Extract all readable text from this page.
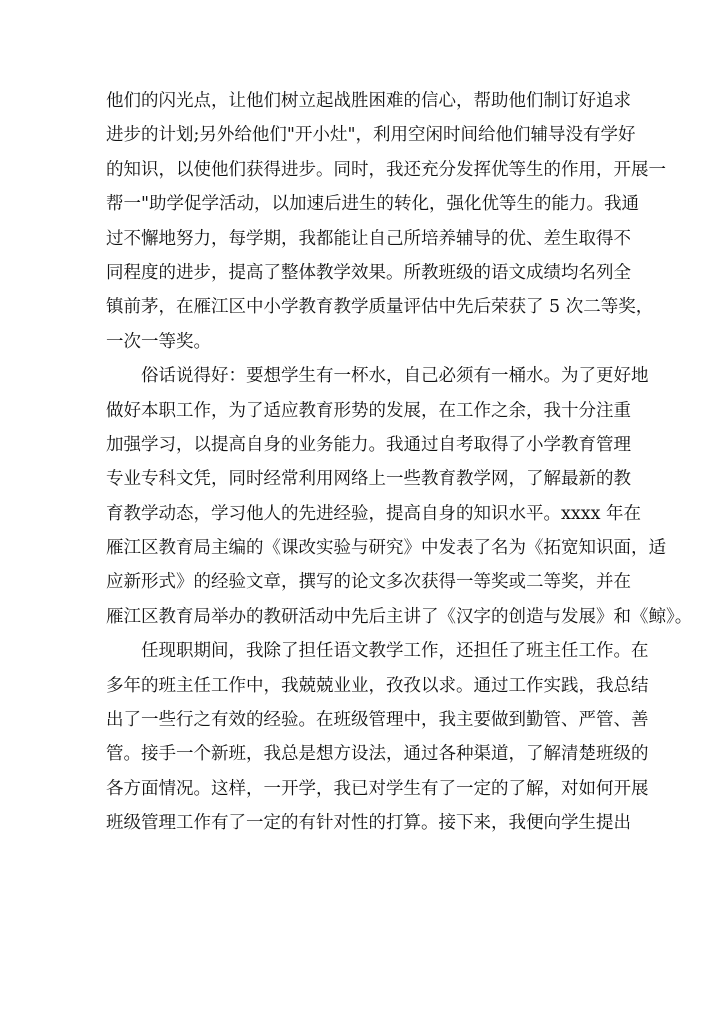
他们的闪光点，让他们树立起战胜困难的信心，帮助他们制订好追求
进步的计划;另外给他们"开小灶"，利用空闲时间给他们辅导没有学好
的知识，以使他们获得进步。同时，我还充分发挥优等生的作用，开展一
帮一"助学促学活动，以加速后进生的转化，强化优等生的能力。我通
过不懈地努力，每学期，我都能让自己所培养辅导的优、差生取得不
同程度的进步，提高了整体教学效果。所教班级的语文成绩均名列全
镇前茅，在雁江区中小学教育教学质量评估中先后荣获了 5 次二等奖，
一次一等奖。
俗话说得好：要想学生有一杯水，自己必须有一桶水。为了更好地
做好本职工作，为了适应教育形势的发展，在工作之余，我十分注重
加强学习，以提高自身的业务能力。我通过自考取得了小学教育管理
专业专科文凭，同时经常利用网络上一些教育教学网，了解最新的教
育教学动态，学习他人的先进经验，提高自身的知识水平。xxxx 年在
雁江区教育局主编的《课改实验与研究》中发表了名为《拓宽知识面，适
应新形式》的经验文章，撰写的论文多次获得一等奖或二等奖，并在
雁江区教育局举办的教研活动中先后主讲了《汉字的创造与发展》和《鲸》。
任现职期间，我除了担任语文教学工作，还担任了班主任工作。在
多年的班主任工作中，我兢兢业业，孜孜以求。通过工作实践，我总结
出了一些行之有效的经验。在班级管理中，我主要做到勤管、严管、善
管。接手一个新班，我总是想方设法，通过各种渠道，了解清楚班级的
各方面情况。这样，一开学，我已对学生有了一定的了解，对如何开展
班级管理工作有了一定的有针对性的打算。接下来，我便向学生提出
